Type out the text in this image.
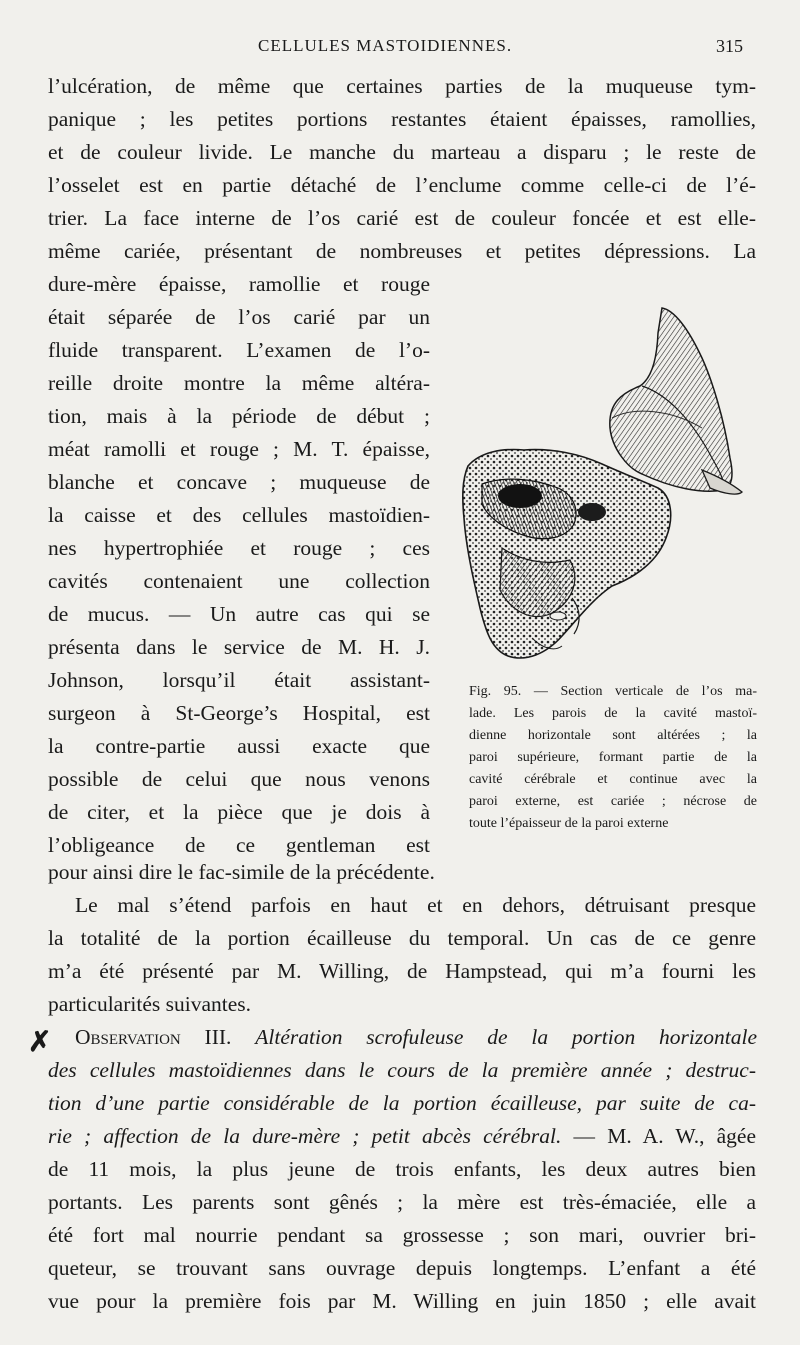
CELLULES MASTOIDIENNES.	315
l’ulcération, de même que certaines parties de la muqueuse tym-
panique ; les petites portions restantes étaient épaisses, ramollies,
et de couleur livide. Le manche du marteau a disparu ; le reste de
l’osselet est en partie détaché de l’enclume comme celle-ci de l’é-
trier. La face interne de l’os carié est de couleur foncée et est elle-
même cariée, présentant de nombreuses et petites dépressions. La
dure-mère épaisse, ramollie et rouge
était séparée de l’os carié par un
fluide transparent. L’examen de l’o-
reille droite montre la même altéra-
tion, mais à la période de début ;
méat ramolli et rouge ; M. T. épaisse,
blanche et concave ; muqueuse de
la caisse et des cellules mastoïdien-
nes hypertrophiée et rouge ; ces
cavités contenaient une collection
de mucus. — Un autre cas qui se
présenta dans le service de M. H. J.
Johnson, lorsqu’il était assistant-
surgeon à St-George’s Hospital, est
la contre-partie aussi exacte que
possible de celui que nous venons
de citer, et la pièce que je dois à
l’obligeance de ce gentleman est
pour ainsi dire le fac-simile de la précédente.
Fig. 95. — Section verticale de l’os ma-
lade. Les parois de la cavité mastoï-
dienne horizontale sont altérées ; la
paroi supérieure, formant partie de la
cavité cérébrale et continue avec la
paroi externe, est cariée ; nécrose de
toute l’épaisseur de la paroi externe
Le mal s’étend parfois en haut et en dehors, détruisant presque
la totalité de la portion écailleuse du temporal. Un cas de ce genre
m’a été présenté par M. Willing, de Hampstead, qui m’a fourni les
particularités suivantes.
✗ Observation III. Altération scrofuleuse de la portion horizontale
des cellules mastoïdiennes dans le cours de la première année ; destruc-
tion d’une partie considérable de la portion écailleuse, par suite de ca-
rie ; affection de la dure-mère ; petit abcès cérébral. — M. A. W., âgée
de 11 mois, la plus jeune de trois enfants, les deux autres bien
portants. Les parents sont gênés ; la mère est très-émaciée, elle a
été fort mal nourrie pendant sa grossesse ; son mari, ouvrier bri-
queteur, se trouvant sans ouvrage depuis longtemps. L’enfant a été
vue pour la première fois par M. Willing en juin 1850 ; elle avait
